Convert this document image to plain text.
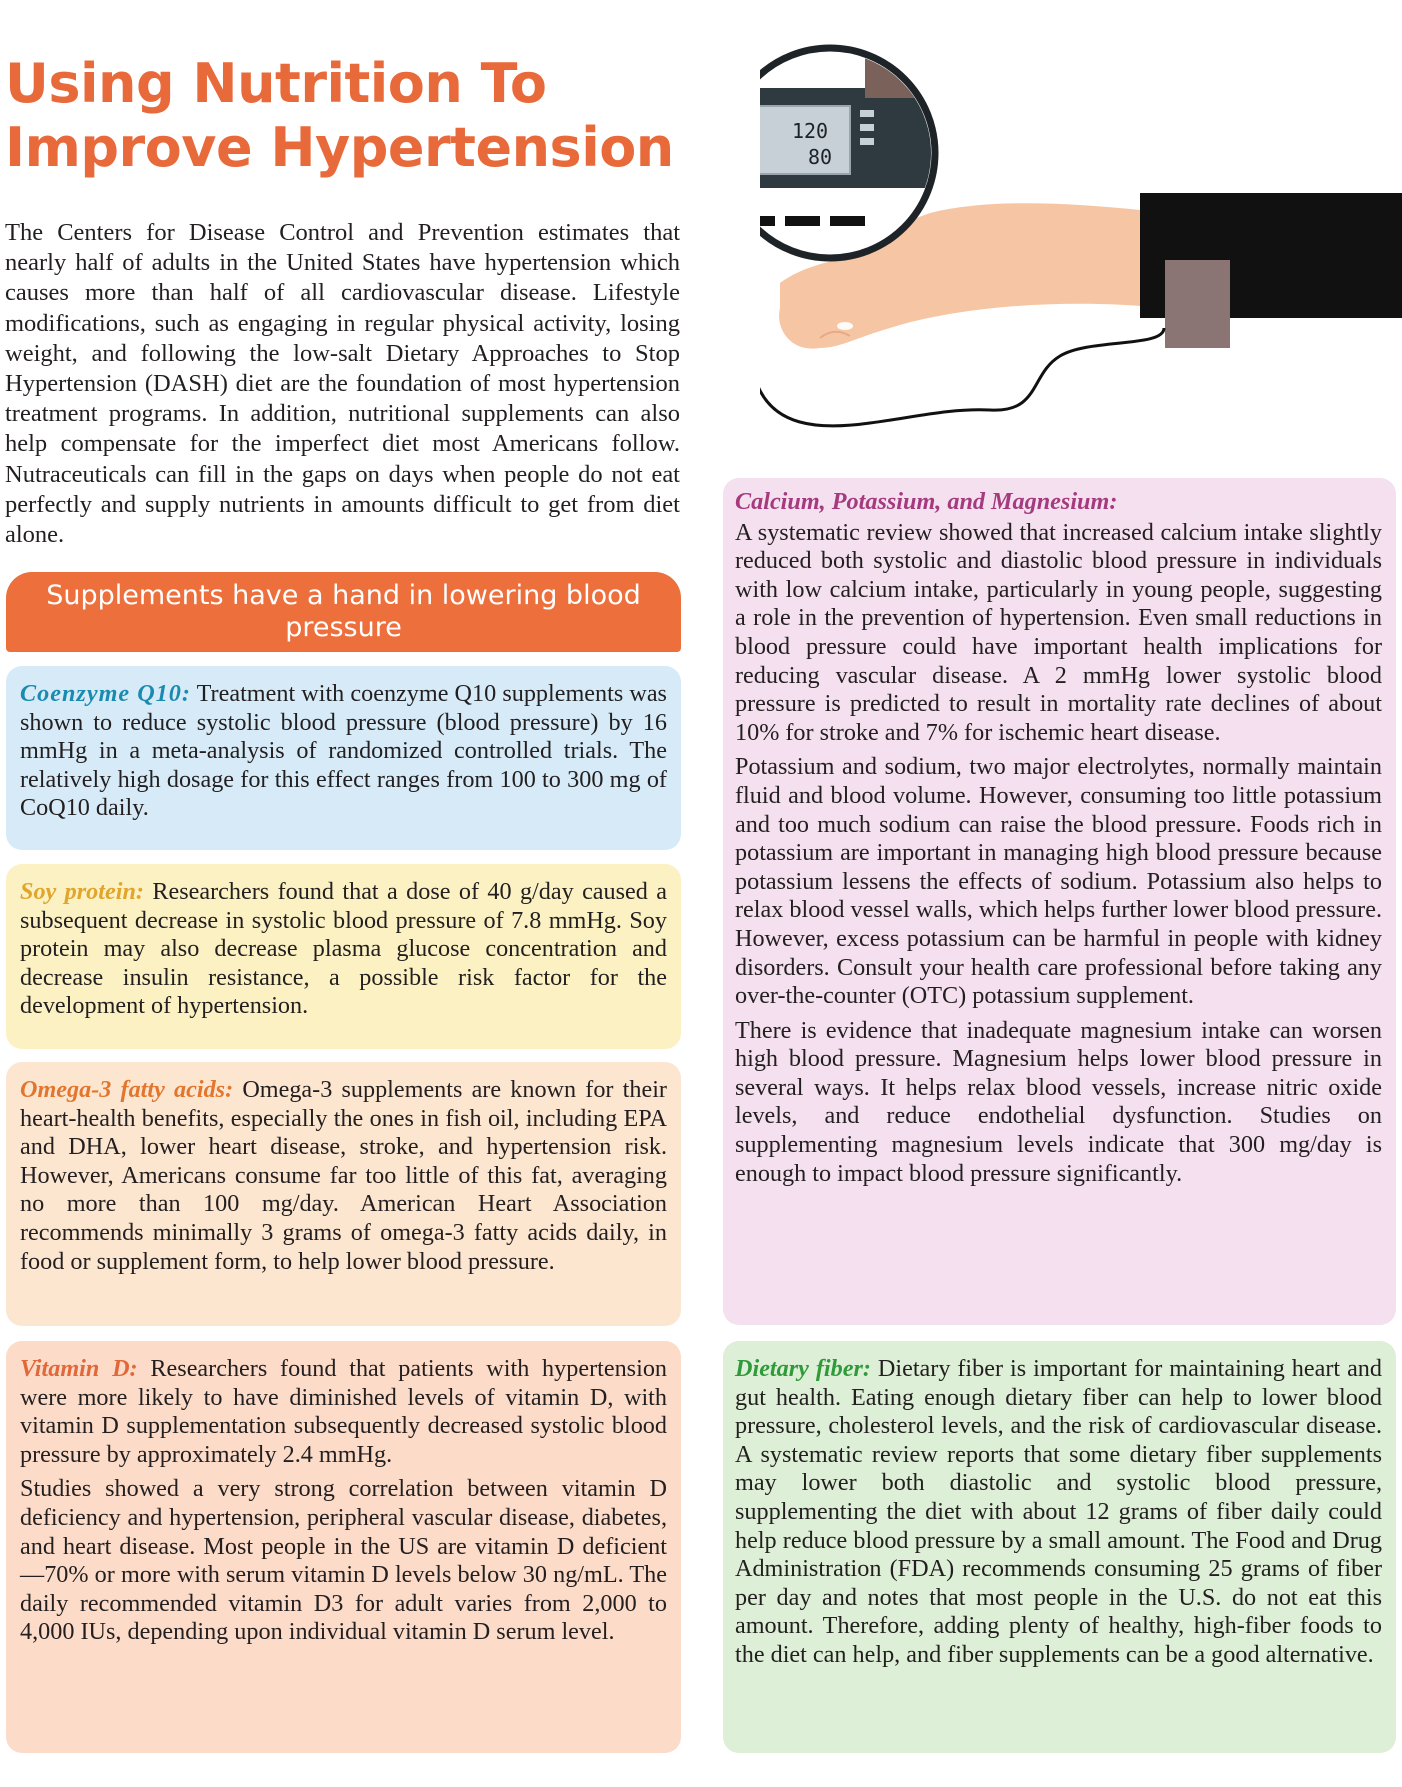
Using Nutrition To Improve Hypertension

The Centers for Disease Control and Prevention estimates that nearly half of adults in the United States have hypertension which causes more than half of all cardiovascular disease. Lifestyle modifications, such as engaging in regular physical activity, losing weight, and following the low-salt Dietary Approaches to Stop Hypertension (DASH) diet are the foundation of most hypertension treatment programs. In addition, nutritional supplements can also help compensate for the imperfect diet most Americans follow. Nutraceuticals can fill in the gaps on days when people do not eat perfectly and supply nutrients in amounts difficult to get from diet alone.

120
80
Supplements have a hand in lowering blood pressure

Coenzyme Q10: Treatment with coenzyme Q10 supplements was shown to reduce systolic blood pressure (blood pressure) by 16 mmHg in a meta-analysis of randomized controlled trials. The relatively high dosage for this effect ranges from 100 to 300 mg of CoQ10 daily.

Soy protein: Researchers found that a dose of 40 g/day caused a subsequent decrease in systolic blood pressure of 7.8 mmHg. Soy protein may also decrease plasma glucose concentration and decrease insulin resistance, a possible risk factor for the development of hypertension.

Omega-3 fatty acids: Omega-3 supplements are known for their heart-health benefits, especially the ones in fish oil, including EPA and DHA, lower heart disease, stroke, and hypertension risk. However, Americans consume far too little of this fat, averaging no more than 100 mg/day. American Heart Association recommends minimally 3 grams of omega-3 fatty acids daily, in food or supplement form, to help lower blood pressure.

Vitamin D: Researchers found that patients with hypertension were more likely to have diminished levels of vitamin D, with vitamin D supplementation subsequently decreased systolic blood pressure by approximately 2.4 mmHg.

Studies showed a very strong correlation between vitamin D deficiency and hypertension, peripheral vascular disease, diabetes, and heart disease. Most people in the US are vitamin D deficient—70% or more with serum vitamin D levels below 30 ng/mL. The daily recommended vitamin D3 for adult varies from 2,000 to 4,000 IUs, depending upon individual vitamin D serum level.

Calcium, Potassium, and Magnesium:

A systematic review showed that increased calcium intake slightly reduced both systolic and diastolic blood pressure in individuals with low calcium intake, particularly in young people, suggesting a role in the prevention of hypertension. Even small reductions in blood pressure could have important health implications for reducing vascular disease. A 2 mmHg lower systolic blood pressure is predicted to result in mortality rate declines of about 10% for stroke and 7% for ischemic heart disease.

Potassium and sodium, two major electrolytes, normally maintain fluid and blood volume. However, consuming too little potassium and too much sodium can raise the blood pressure. Foods rich in potassium are important in managing high blood pressure because potassium lessens the effects of sodium. Potassium also helps to relax blood vessel walls, which helps further lower blood pressure. However, excess potassium can be harmful in people with kidney disorders. Consult your health care professional before taking any over-the-counter (OTC) potassium supplement.

There is evidence that inadequate magnesium intake can worsen high blood pressure. Magnesium helps lower blood pressure in several ways. It helps relax blood vessels, increase nitric oxide levels, and reduce endothelial dysfunction. Studies on supplementing magnesium levels indicate that 300 mg/day is enough to impact blood pressure significantly.

Dietary fiber: Dietary fiber is important for maintaining heart and gut health. Eating enough dietary fiber can help to lower blood pressure, cholesterol levels, and the risk of cardiovascular disease. A systematic review reports that some dietary fiber supplements may lower both diastolic and systolic blood pressure, supplementing the diet with about 12 grams of fiber daily could help reduce blood pressure by a small amount. The Food and Drug Administration (FDA) recommends consuming 25 grams of fiber per day and notes that most people in the U.S. do not eat this amount. Therefore, adding plenty of healthy, high-fiber foods to the diet can help, and fiber supplements can be a good alternative.
